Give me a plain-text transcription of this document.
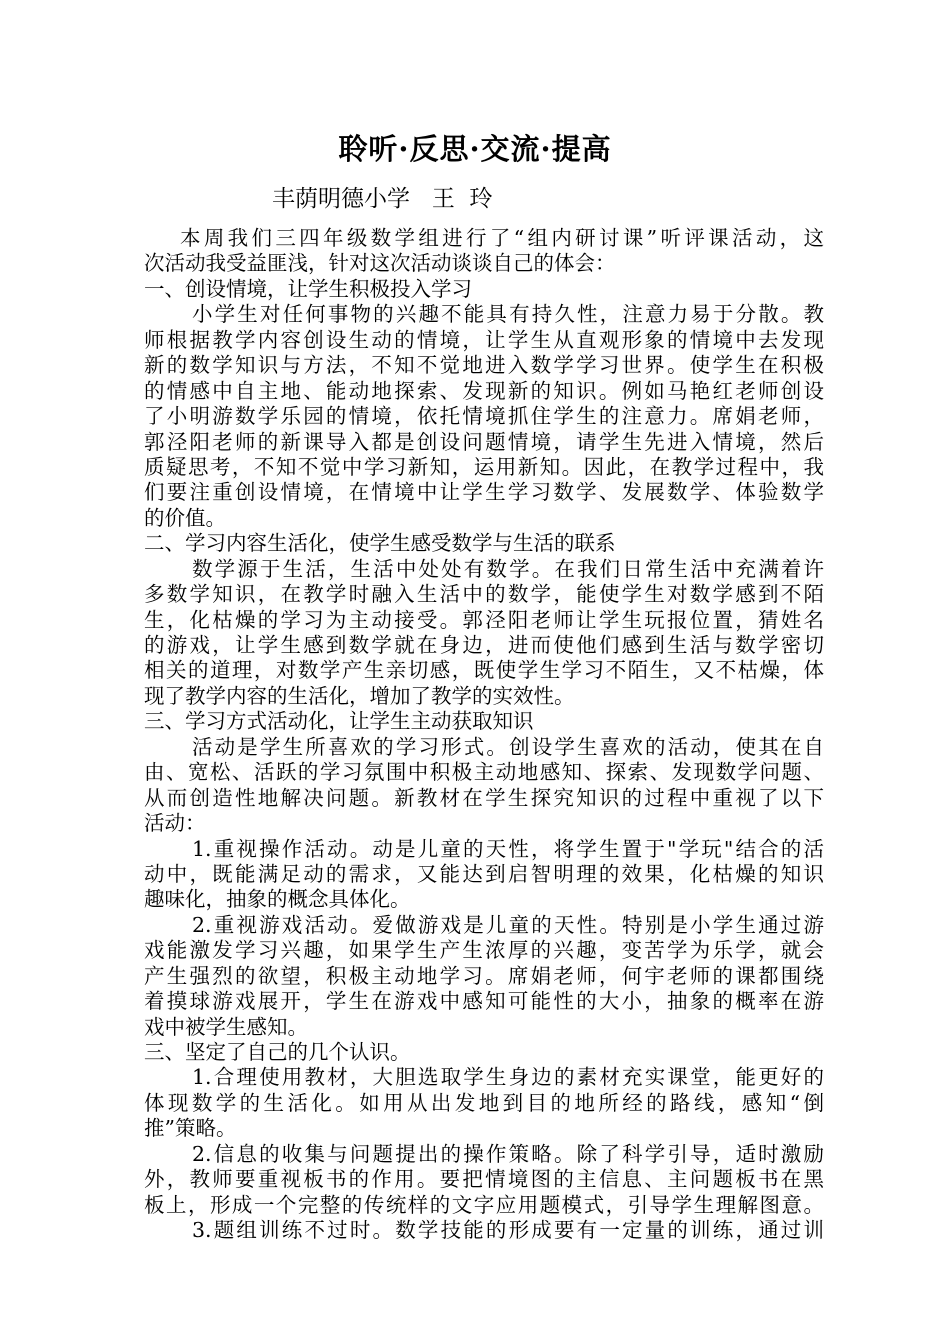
聆听·反思·交流·提高
丰荫明德小学   王  玲
本周我们三四年级数学组进行了“组内研讨课”听评课活动，这
次活动我受益匪浅，针对这次活动谈谈自己的体会：
一、创设情境，让学生积极投入学习
小学生对任何事物的兴趣不能具有持久性，注意力易于分散。教
师根据教学内容创设生动的情境，让学生从直观形象的情境中去发现
新的数学知识与方法，不知不觉地进入数学学习世界。使学生在积极
的情感中自主地、能动地探索、发现新的知识。例如马艳红老师创设
了小明游数学乐园的情境，依托情境抓住学生的注意力。席娟老师，
郭泾阳老师的新课导入都是创设问题情境，请学生先进入情境，然后
质疑思考，不知不觉中学习新知，运用新知。因此，在教学过程中，我
们要注重创设情境，在情境中让学生学习数学、发展数学、体验数学
的价值。
二、学习内容生活化，使学生感受数学与生活的联系
数学源于生活，生活中处处有数学。在我们日常生活中充满着许
多数学知识，在教学时融入生活中的数学，能使学生对数学感到不陌
生，化枯燥的学习为主动接受。郭泾阳老师让学生玩报位置，猜姓名
的游戏，让学生感到数学就在身边，进而使他们感到生活与数学密切
相关的道理，对数学产生亲切感，既使学生学习不陌生，又不枯燥，体
现了教学内容的生活化，增加了教学的实效性。
三、学习方式活动化，让学生主动获取知识
活动是学生所喜欢的学习形式。创设学生喜欢的活动，使其在自
由、宽松、活跃的学习氛围中积极主动地感知、探索、发现数学问题、
从而创造性地解决问题。新教材在学生探究知识的过程中重视了以下
活动：
1.重视操作活动。动是儿童的天性，将学生置于"学玩"结合的活
动中，既能满足动的需求，又能达到启智明理的效果，化枯燥的知识
趣味化，抽象的概念具体化。
2.重视游戏活动。爱做游戏是儿童的天性。特别是小学生通过游
戏能激发学习兴趣，如果学生产生浓厚的兴趣，变苦学为乐学，就会
产生强烈的欲望，积极主动地学习。席娟老师，何宇老师的课都围绕
着摸球游戏展开，学生在游戏中感知可能性的大小，抽象的概率在游
戏中被学生感知。
三、坚定了自己的几个认识。
1.合理使用教材，大胆选取学生身边的素材充实课堂，能更好的
体现数学的生活化。如用从出发地到目的地所经的路线，感知“倒
推”策略。
2.信息的收集与问题提出的操作策略。除了科学引导，适时激励
外，教师要重视板书的作用。要把情境图的主信息、主问题板书在黑
板上，形成一个完整的传统样的文字应用题模式，引导学生理解图意。
3.题组训练不过时。数学技能的形成要有一定量的训练，通过训
